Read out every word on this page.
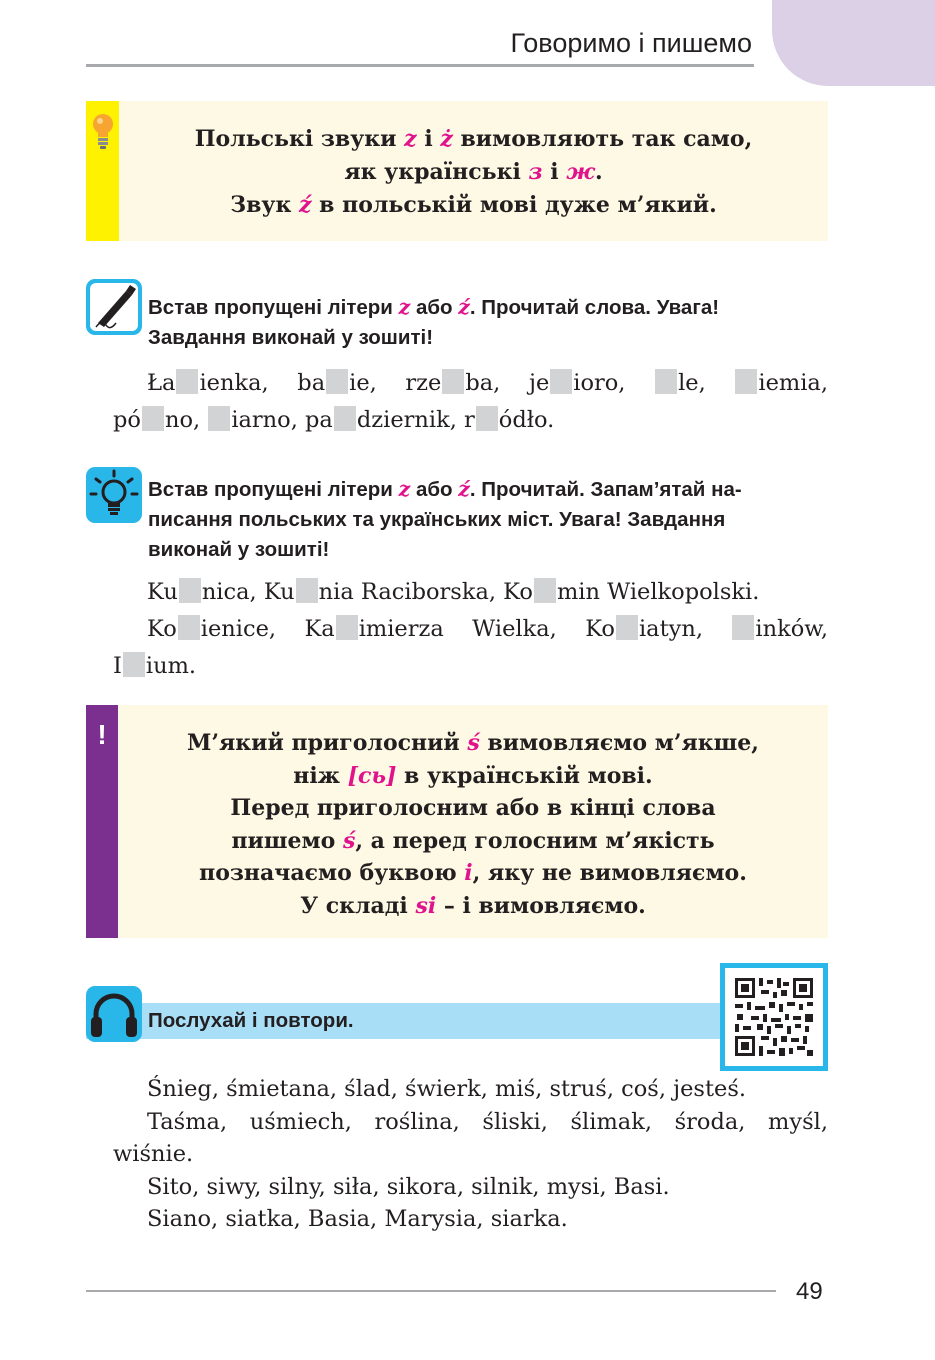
Говоримо і пишемо
Польські звуки z і ż вимовляють так само,
як українські з і ж.
Звук ź в польській мові дуже м’який.
Встав пропущені літери z або ź. Прочитай слова. Увага!
Завдання виконай у зошиті!
Ła ienka, ba ie, rze ba, je ioro, le, iemia,
pó no, iarno, pa dziernik, r ódło.
Встав пропущені літери z або ź. Прочитай. Запам’ятай на-
писання польських та українських міст. Увага! Завдання
виконай у зошиті!
Ku nica, Ku nia Raciborska, Ko min Wielkopolski.
Ko ienice, Ka imierza Wielka, Ko iatyn, inków,
I ium.
!	М’який приголосний ś вимовляємо м’якше,
ніж [сь] в українській мові.
Перед приголосним або в кінці слова
пишемо ś, а перед голосним м’якість
позначаємо буквою i, яку не вимовляємо.
У складі si – і вимовляємо.
Послухай і повтори.
Śnieg, śmietana, ślad, świerk, miś, struś, coś, jesteś.
Taśma, uśmiech, roślina, śliski, ślimak, środa, myśl,
wiśnie.
Sito, siwy, silny, siła, sikora, silnik, mysi, Basi.
Siano, siatka, Basia, Marysia, siarka.
49
